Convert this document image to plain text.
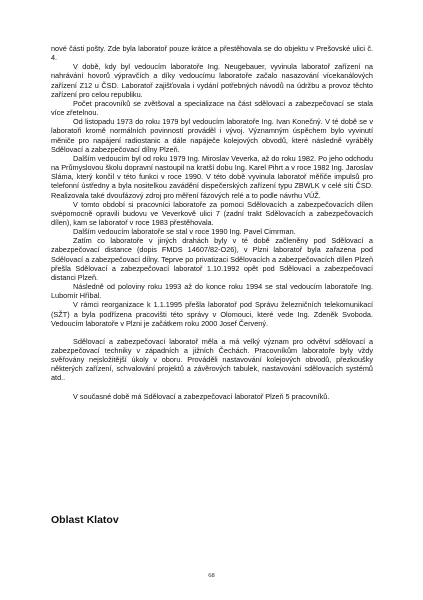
nové části pošty. Zde byla laboratoř pouze krátce a přestěhovala se do objektu v Prešovské ulici č. 4.

V době, kdy byl vedoucím laboratoře Ing. Neugebauer, vyvinula laboratoř zařízení na nahrávání hovorů výpravčích a díky vedoucímu laboratoře začalo nasazování vícekanálových zařízení Z12 u ČSD. Laboratoř zajišťovala i vydání potřebných návodů na údržbu a provoz těchto zařízení pro celou republiku.

Počet pracovníků se zvětšoval a specializace na část sdělovací a zabezpečovací se stala více zřetelnou.

Od listopadu 1973 do roku 1979 byl vedoucím laboratoře Ing. Ivan Konečný. V té době se v laboratoři kromě normálních povinností prováděl i vývoj. Významným úspěchem bylo vyvinutí měniče pro napájení radiostanic a dále napáječe kolejových obvodů, které následně vyráběly Sdělovací a zabezpečovací dílny Plzeň.

Dalším vedoucím byl od roku 1979 Ing. Miroslav Veverka, až do roku 1982. Po jeho odchodu na Průmyslovou školu dopravní nastoupil na kratší dobu Ing. Karel Pihrt a v roce 1982 Ing. Jaroslav Sláma, který končil v této funkci v roce 1990. V této době vyvinula laboratoř měřiče impulsů pro telefonní ústředny a byla nositelkou zavádění dispečerských zařízení typu ZBWLK v celé síti ČSD. Realizovala také dvoufázový zdroj pro měření fázových relé a to podle návrhu VÚŽ.

V tomto období si pracovníci laboratoře za pomoci Sdělovacích a zabezpečovacích dílen svépomocně opravili budovu ve Veverkově ulici 7 (zadní trakt Sdělovacích a zabezpečovacích dílen), kam se laboratoř v roce 1983 přestěhovala.

Dalším vedoucím laboratoře se stal v roce 1990 Ing. Pavel Cimrman.

Zatím co laboratoře v jiných drahách byly v té době začleněny pod Sdělovací a zabezpečovací distance (dopis FMDS 14607/82-O26), v Plzni laboratoř byla zařazena pod Sdělovací a zabezpečovací dílny. Teprve po privatizaci Sdělovacích a zabezpečovacích dílen Plzeň přešla Sdělovací a zabezpečovací laboratoř 1.10.1992 opět pod Sdělovací a zabezpečovací distanci Plzeň.

Následně od poloviny roku 1993 až do konce roku 1994 se stal vedoucím laboratoře Ing. Lubomír Hříbal.

V rámci reorganizace k 1.1.1995 přešla laboratoř pod Správu železničních telekomunikací (SŽT) a byla podřízena pracovišti této správy v Olomouci, které vede Ing. Zdeněk Svoboda. Vedoucím laboratoře v Plzni je začátkem roku 2000 Josef Červený.

Sdělovací a zabezpečovací laboratoř měla a má velký význam pro odvětví sdělovací a zabezpečovací techniky v západních a jižních Čechách. Pracovníkům laboratoře byly vždy svěřovány nejsložitější úkoly v oboru. Prováděli nastavování kolejových obvodů, přezkoušky některých zařízení, schvalování projektů a závěrových tabulek, nastavování sdělovacích systémů atd..

V současné době má Sdělovací a zabezpečovací laboratoř Plzeň 5 pracovníků.

Oblast Klatov
68
